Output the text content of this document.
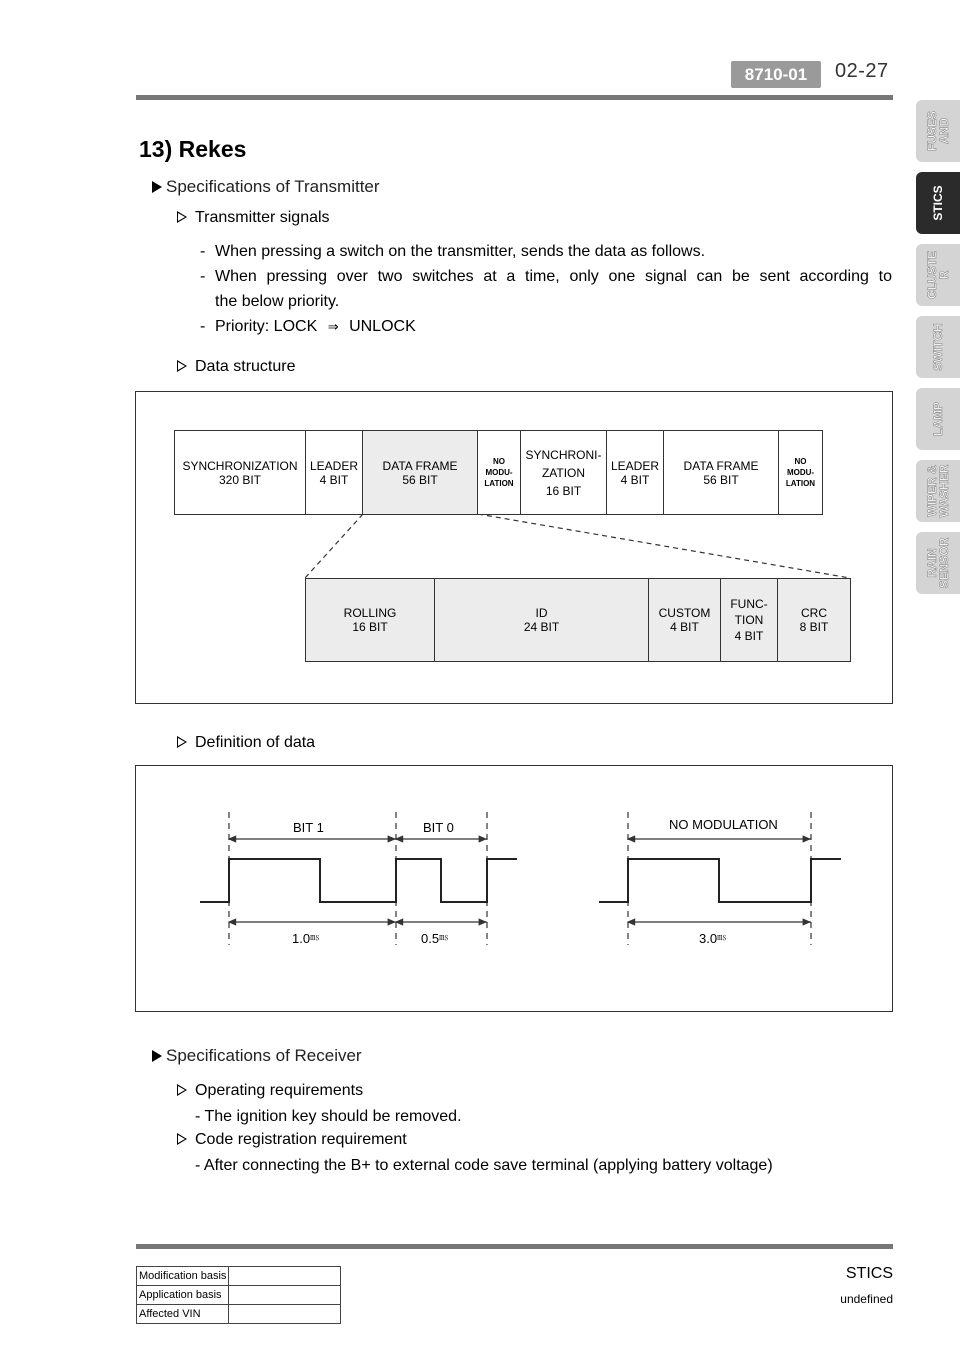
8710-01	02-27
FUSES
AND
STICS
CLUSTE
R
SWITCH
LAMP
WIPER &
WASHER
RAIN
SENSOR
13) Rekes
Specifications of Transmitter
Transmitter signals
- When pressing a switch on the transmitter, sends the data as follows.
- When pressing over two switches at a time, only one signal can be sent according to
the below priority.
- Priority: LOCK ⇒ UNLOCK
Data structure
SYNCHRONIZATION
320 BIT
LEADER
4 BIT
DATA FRAME
56 BIT
NO
MODU-
LATION
SYNCHRONI-
ZATION
16 BIT
LEADER
4 BIT
DATA FRAME
56 BIT
NO
MODU-
LATION
ROLLING
16 BIT
ID
24 BIT
CUSTOM
4 BIT
FUNC-
TION
4 BIT
CRC
8 BIT
Definition of data
BIT 1	BIT 0	NO MODULATION
1.0㎳	0.5㎳	3.0㎳
Specifications of Receiver
Operating requirements
- The ignition key should be removed.
Code registration requirement
- After connecting the B+ to external code save terminal (applying battery voltage)
Modification basis	
Application basis	
Affected VIN	
STICS
undefined
